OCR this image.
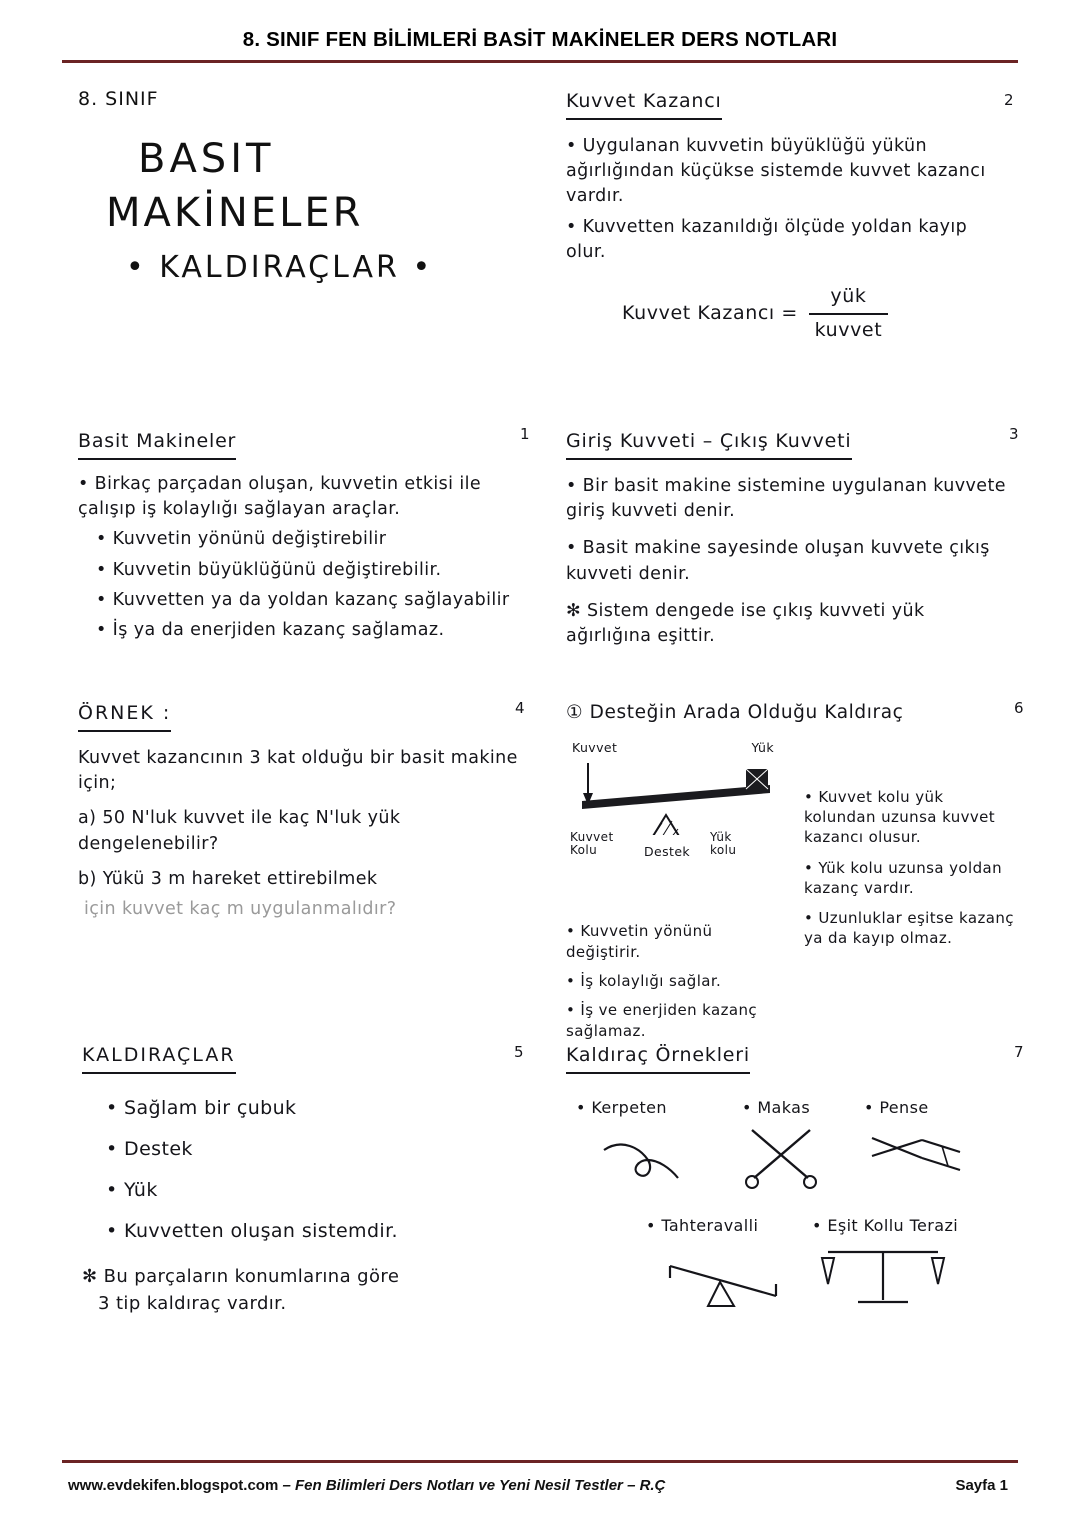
8. SINIF FEN BİLİMLERİ BASİT MAKİNELER DERS NOTLARI
8. SINIF
BASIT
MAKİNELER
• KALDIRAÇLAR •
2
Kuvvet Kazancı

• Uygulanan kuvvetin büyüklüğü yükün ağırlığından küçükse sistemde kuvvet kazancı vardır.

• Kuvvetten kazanıldığı ölçüde yoldan kayıp olur.

Kuvvet Kazancı = $\frac{\text{yük}}{\text{kuvvet}}$
1
Basit Makineler

• Birkaç parçadan oluşan, kuvvetin etkisi ile çalışıp iş kolaylığı sağlayan araçlar.

• Kuvvetin yönünü değiştirebilir

• Kuvvetin büyüklüğünü değiştirebilir.

• Kuvvetten ya da yoldan kazanç sağlayabilir

• İş ya da enerjiden kazanç sağlamaz.

3
Giriş Kuvveti – Çıkış Kuvveti

• Bir basit makine sistemine uygulanan kuvvete giriş kuvveti denir.

• Basit makine sayesinde oluşan kuvvete çıkış kuvveti denir.

✻ Sistem dengede ise çıkış kuvveti yük ağırlığına eşittir.

4
ÖRNEK :

Kuvvet kazancının 3 kat olduğu bir basit makine için;

a) 50 N'luk kuvvet ile kaç N'luk yük dengelenebilir?

b) Yükü 3 m hareket ettirebilmek

için kuvvet kaç m uygulanmalıdır?

6
① Desteğin Arada Olduğu Kaldıraç
Kuvvet	Yük
Kuvvet Kolu	Destek
Yük kolu

• Kuvvet kolu yük kolundan uzunsa kuvvet kazancı olusur.

• Yük kolu uzunsa yoldan kazanç vardır.

• Uzunluklar eşitse kazanç ya da kayıp olmaz.

• Kuvvetin yönünü değiştirir.

• İş kolaylığı sağlar.

• İş ve enerjiden kazanç sağlamaz.

5
KALDIRAÇLAR

• Sağlam bir çubuk

• Destek

• Yük

• Kuvvetten oluşan sistemdir.

✻ Bu parçaların konumlarına göre

3 tip kaldıraç vardır.

7
Kaldıraç Örnekleri
• Kerpeten	• Makas	• Pense
• Tahteravalli	• Eşit Kollu Terazi
www.evdekifen.blogspot.com – Fen Bilimleri Ders Notları ve Yeni Nesil Testler – R.Ç	Sayfa 1
